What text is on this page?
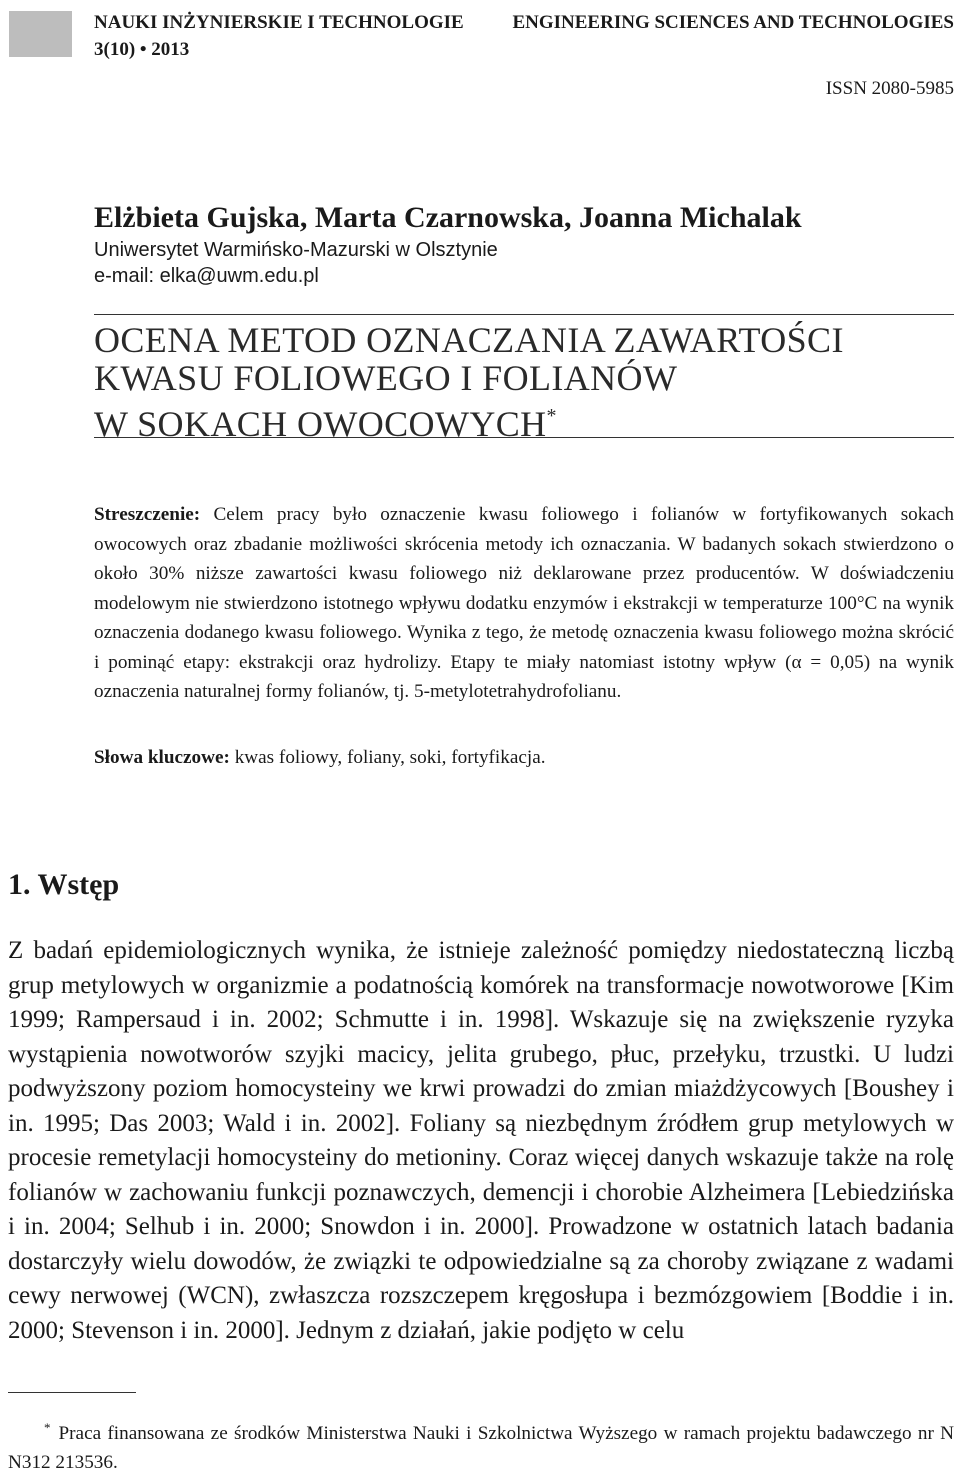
NAUKI INŻYNIERSKIE I TECHNOLOGIE	ENGINEERING SCIENCES AND TECHNOLOGIES
3(10) • 2013
ISSN 2080-5985
Elżbieta Gujska, Marta Czarnowska, Joanna Michalak
Uniwersytet Warmińsko-Mazurski w Olsztynie
e-mail: elka@uwm.edu.pl
OCENA METOD OZNACZANIA ZAWARTOŚCI
KWASU FOLIOWEGO I FOLIANÓW
W SOKACH OWOCOWYCH*
Streszczenie: Celem pracy było oznaczenie kwasu foliowego i folianów w fortyfikowanych sokach owocowych oraz zbadanie możliwości skrócenia metody ich oznaczania. W badanych sokach stwierdzono o około 30% niższe zawartości kwasu foliowego niż deklarowane przez producentów. W doświadczeniu modelowym nie stwierdzono istotnego wpływu dodatku enzymów i ekstrakcji w temperaturze 100°C na wynik oznaczenia dodanego kwasu foliowego. Wynika z tego, że metodę oznaczenia kwasu foliowego można skrócić i pominąć etapy: ekstrakcji oraz hydrolizy. Etapy te miały natomiast istotny wpływ (α = 0,05) na wynik oznaczenia naturalnej formy folianów, tj. 5-metylotetrahydrofolianu.
Słowa kluczowe: kwas foliowy, foliany, soki, fortyfikacja.
1. Wstęp
Z badań epidemiologicznych wynika, że istnieje zależność pomiędzy niedostateczną liczbą grup metylowych w organizmie a podatnością komórek na transformacje nowotworowe [Kim 1999; Rampersaud i in. 2002; Schmutte i in. 1998]. Wskazuje się na zwiększenie ryzyka wystąpienia nowotworów szyjki macicy, jelita grubego, płuc, przełyku, trzustki. U ludzi podwyższony poziom homocysteiny we krwi prowadzi do zmian miażdżycowych [Boushey i in. 1995; Das 2003; Wald i in. 2002]. Foliany są niezbędnym źródłem grup metylowych w procesie remetylacji homocysteiny do metioniny. Coraz więcej danych wskazuje także na rolę folianów w zachowaniu funkcji poznawczych, demencji i chorobie Alzheimera [Lebiedzińska i in. 2004; Selhub i in. 2000; Snowdon i in. 2000]. Prowadzone w ostatnich latach badania dostarczyły wielu dowodów, że związki te odpowiedzialne są za choroby związane z wadami cewy nerwowej (WCN), zwłaszcza rozszczepem kręgosłupa i bezmózgowiem [Boddie i in. 2000; Stevenson i in. 2000]. Jednym z działań, jakie podjęto w celu
* Praca finansowana ze środków Ministerstwa Nauki i Szkolnictwa Wyższego w ramach projektu badawczego nr N N312 213536.
